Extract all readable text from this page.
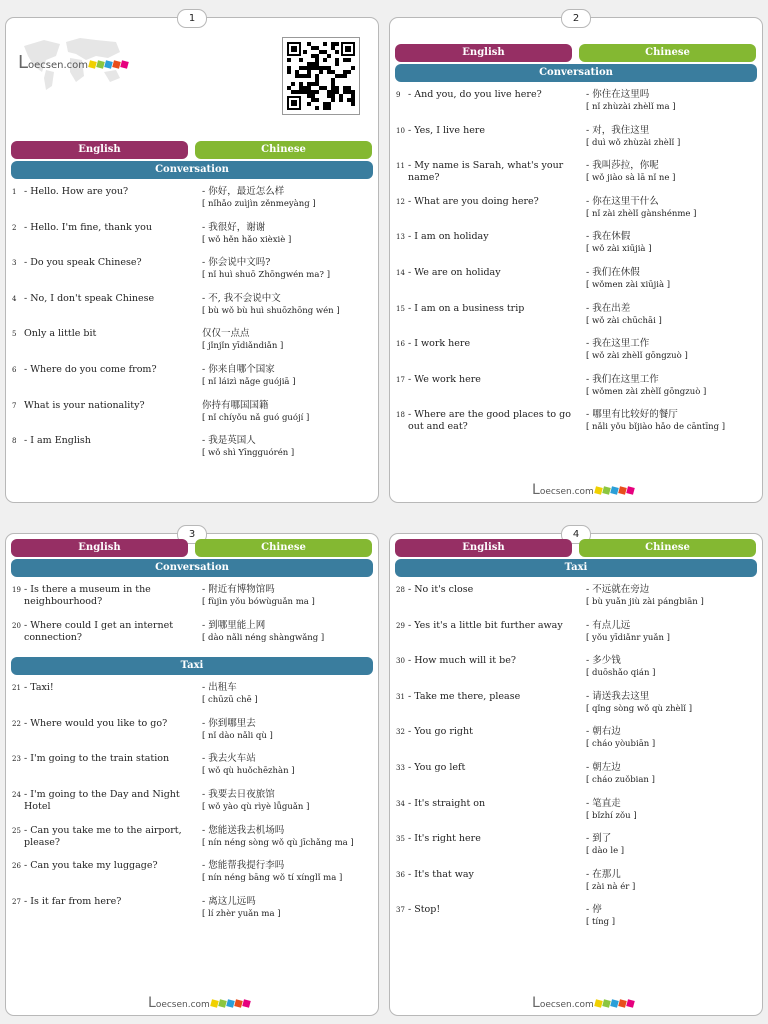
1
Loecsen.com
English	Chinese
Conversation
1 - Hello. How are you?	- 你好，最近怎么样
[ nǐhǎo zuìjìn zěnmeyàng ]
2 - Hello. I'm fine, thank you	- 我很好，谢谢
[ wǒ hěn hǎo xièxiè ]
3 - Do you speak Chinese?	- 你会说中文吗?
[ nǐ huì shuō Zhōngwén ma? ]
4 - No, I don't speak Chinese	- 不, 我不会说中文
[ bù wǒ bù huì shuōzhōng wén ]
5 Only a little bit	仅仅一点点
[ jǐnjǐn yīdiǎndiǎn ]
6 - Where do you come from?	- 你来自哪个国家
[ nǐ láizì nǎge guójiā ]
7 What is your nationality?	你持有哪国国籍
[ nǐ chíyǒu nǎ guó guójí ]
8 - I am English	- 我是英国人
[ wǒ shì Yīngguórén ]
2
English	Chinese
Conversation
9 - And you, do you live here?	- 你住在这里吗
[ nǐ zhùzài zhèlǐ ma ]
10 - Yes, I live here	- 对，我住这里
[ duì wǒ zhùzài zhèlǐ ]
11 - My name is Sarah, what's your name?
- 我叫莎拉，你呢
[ wǒ jiào sà lā nǐ ne ]
12 - What are you doing here?	- 你在这里干什么
[ nǐ zài zhèlǐ gànshénme ]
13 - I am on holiday	- 我在休假
[ wǒ zài xiūjià ]
14 - We are on holiday	- 我们在休假
[ wǒmen zài xiūjià ]
15 - I am on a business trip	- 我在出差
[ wǒ zài chūchāi ]
16 - I work here	- 我在这里工作
[ wǒ zài zhèlǐ gōngzuò ]
17 - We work here	- 我们在这里工作
[ wǒmen zài zhèlǐ gōngzuò ]
18 - Where are the good places to go out and eat?
- 哪里有比较好的餐厅
[ nǎli yǒu bǐjiào hǎo de cāntīng ]
Loecsen.com
3
English	Chinese
Conversation
19 - Is there a museum in the neighbourhood?
- 附近有博物馆吗
[ fùjìn yǒu bówùguǎn ma ]
20 - Where could I get an internet connection?
- 到哪里能上网
[ dào nǎli néng shàngwǎng ]
Taxi
21 - Taxi!	- 出租车
[ chūzū chē ]
22 - Where would you like to go?	- 你到哪里去
[ nǐ dào nǎli qù ]
23 - I'm going to the train station	- 我去火车站
[ wǒ qù huǒchēzhàn ]
24 - I'm going to the Day and Night Hotel
- 我要去日夜旅馆
[ wǒ yào qù rìyè lǚguǎn ]
25 - Can you take me to the airport, please?
- 您能送我去机场吗
[ nín néng sòng wǒ qù jīchǎng ma ]
26 - Can you take my luggage?	- 您能帮我提行李吗
[ nín néng bāng wǒ tí xínglǐ ma ]
27 - Is it far from here?	- 离这儿远吗
[ lí zhèr yuǎn ma ]
Loecsen.com
4
English	Chinese
Taxi
28 - No it's close	- 不远就在旁边
[ bù yuǎn jiù zài pángbiān ]
29 - Yes it's a little bit further away	- 有点儿远
[ yǒu yīdiǎnr yuǎn ]
30 - How much will it be?	- 多少钱
[ duōshǎo qián ]
31 - Take me there, please	- 请送我去这里
[ qǐng sòng wǒ qù zhèlǐ ]
32 - You go right	- 朝右边
[ cháo yòubiān ]
33 - You go left	- 朝左边
[ cháo zuǒbian ]
34 - It's straight on	- 笔直走
[ bǐzhí zǒu ]
35 - It's right here	- 到了
[ dào le ]
36 - It's that way	- 在那儿
[ zài nà ér ]
37 - Stop!	- 停
[ tíng ]
Loecsen.com
